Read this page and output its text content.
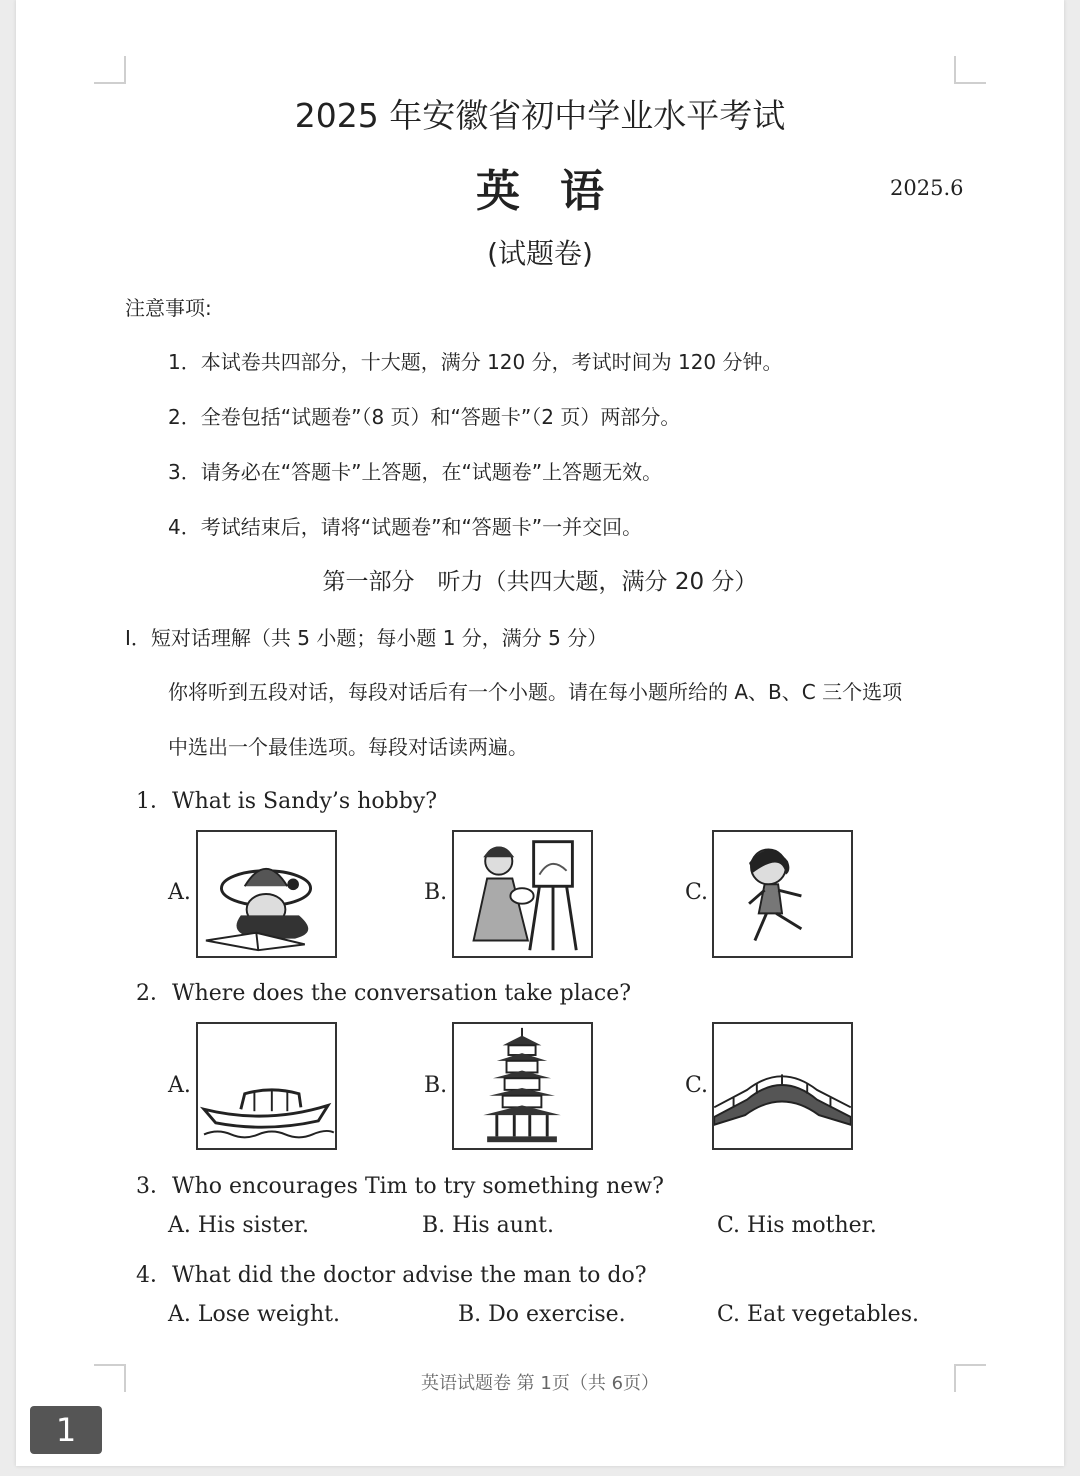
2025 年安徽省初中学业水平考试
英语	2025.6
(试题卷)
注意事项:
1．本试卷共四部分，十大题，满分 120 分，考试时间为 120 分钟。
2．全卷包括“试题卷”（8 页）和“答题卡”（2 页）两部分。
3．请务必在“答题卡”上答题，在“试题卷”上答题无效。
4．考试结束后，请将“试题卷”和“答题卡”一并交回。
第一部分　听力（共四大题，满分 20 分）
Ⅰ．短对话理解（共 5 小题；每小题 1 分，满分 5 分）
你将听到五段对话，每段对话后有一个小题。请在每小题所给的 A、B、C 三个选项
中选出一个最佳选项。每段对话读两遍。
1．What is Sandy’s hobby?
A.	B.	C.
2．Where does the conversation take place?
A.	B.	C.
3．Who encourages Tim to try something new?
A. His sister.	B. His aunt.	C. His mother.
4．What did the doctor advise the man to do?
A. Lose weight.	B. Do exercise.	C. Eat vegetables.
英语试题卷 第 1页（共 6页）
1
